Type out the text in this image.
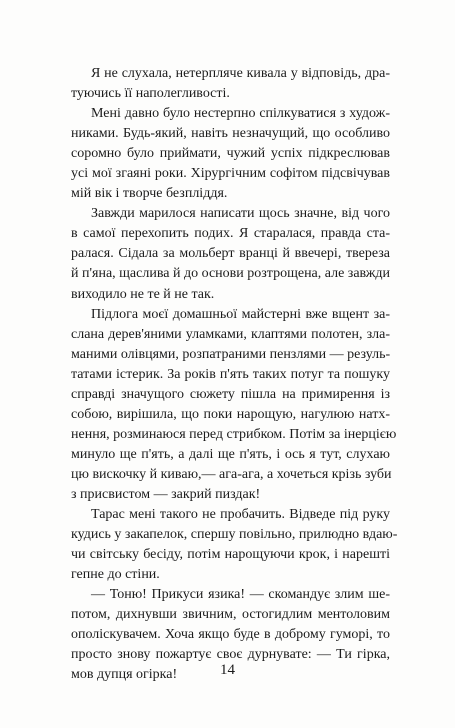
Я не слухала, нетерпляче кивала у відповідь, дра-
туючись її наполегливості.
Мені давно було нестерпно спілкуватися з худож-
никами. Будь-який, навіть незначущий, що особливо
соромно було приймати, чужий успіх підкреслював
усі мої згаяні роки. Хірургічним софітом підсвічував
мій вік і творче безпліддя.
Завжди марилося написати щось значне, від чого
в самої перехопить подих. Я старалася, правда ста-
ралася. Сідала за мольберт вранці й ввечері, твереза
й п'яна, щаслива й до основи розтрощена, але завжди
виходило не те й не так.
Підлога моєї домашньої майстерні вже вщент за-
слана дерев'яними уламками, клаптями полотен, зла-
маними олівцями, розпатраними пензлями — резуль-
татами істерик. За років п'ять таких потуг та пошуку
справді значущого сюжету пішла на примирення із
собою, вирішила, що поки нарощую, нагулюю натх-
нення, розминаюся перед стрибком. Потім за інерцією
минуло ще п'ять, а далі ще п'ять, і ось я тут, слухаю
цю вискочку й киваю,— ага-ага, а хочеться крізь зуби
з присвистом — закрий пиздак!
Тарас мені такого не пробачить. Відведе під руку
кудись у закапелок, спершу повільно, прилюдно вдаю-
чи світську бесіду, потім нарощуючи крок, і нарешті
гепне до стіни.
— Тоню! Прикуси язика! — скомандує злим ше-
потом, дихнувши звичним, остогидлим ментоловим
ополіскувачем. Хоча якщо буде в доброму гуморі, то
просто знову пожартує своє дурнувате: — Ти гірка,
мов дупця огірка!	14
